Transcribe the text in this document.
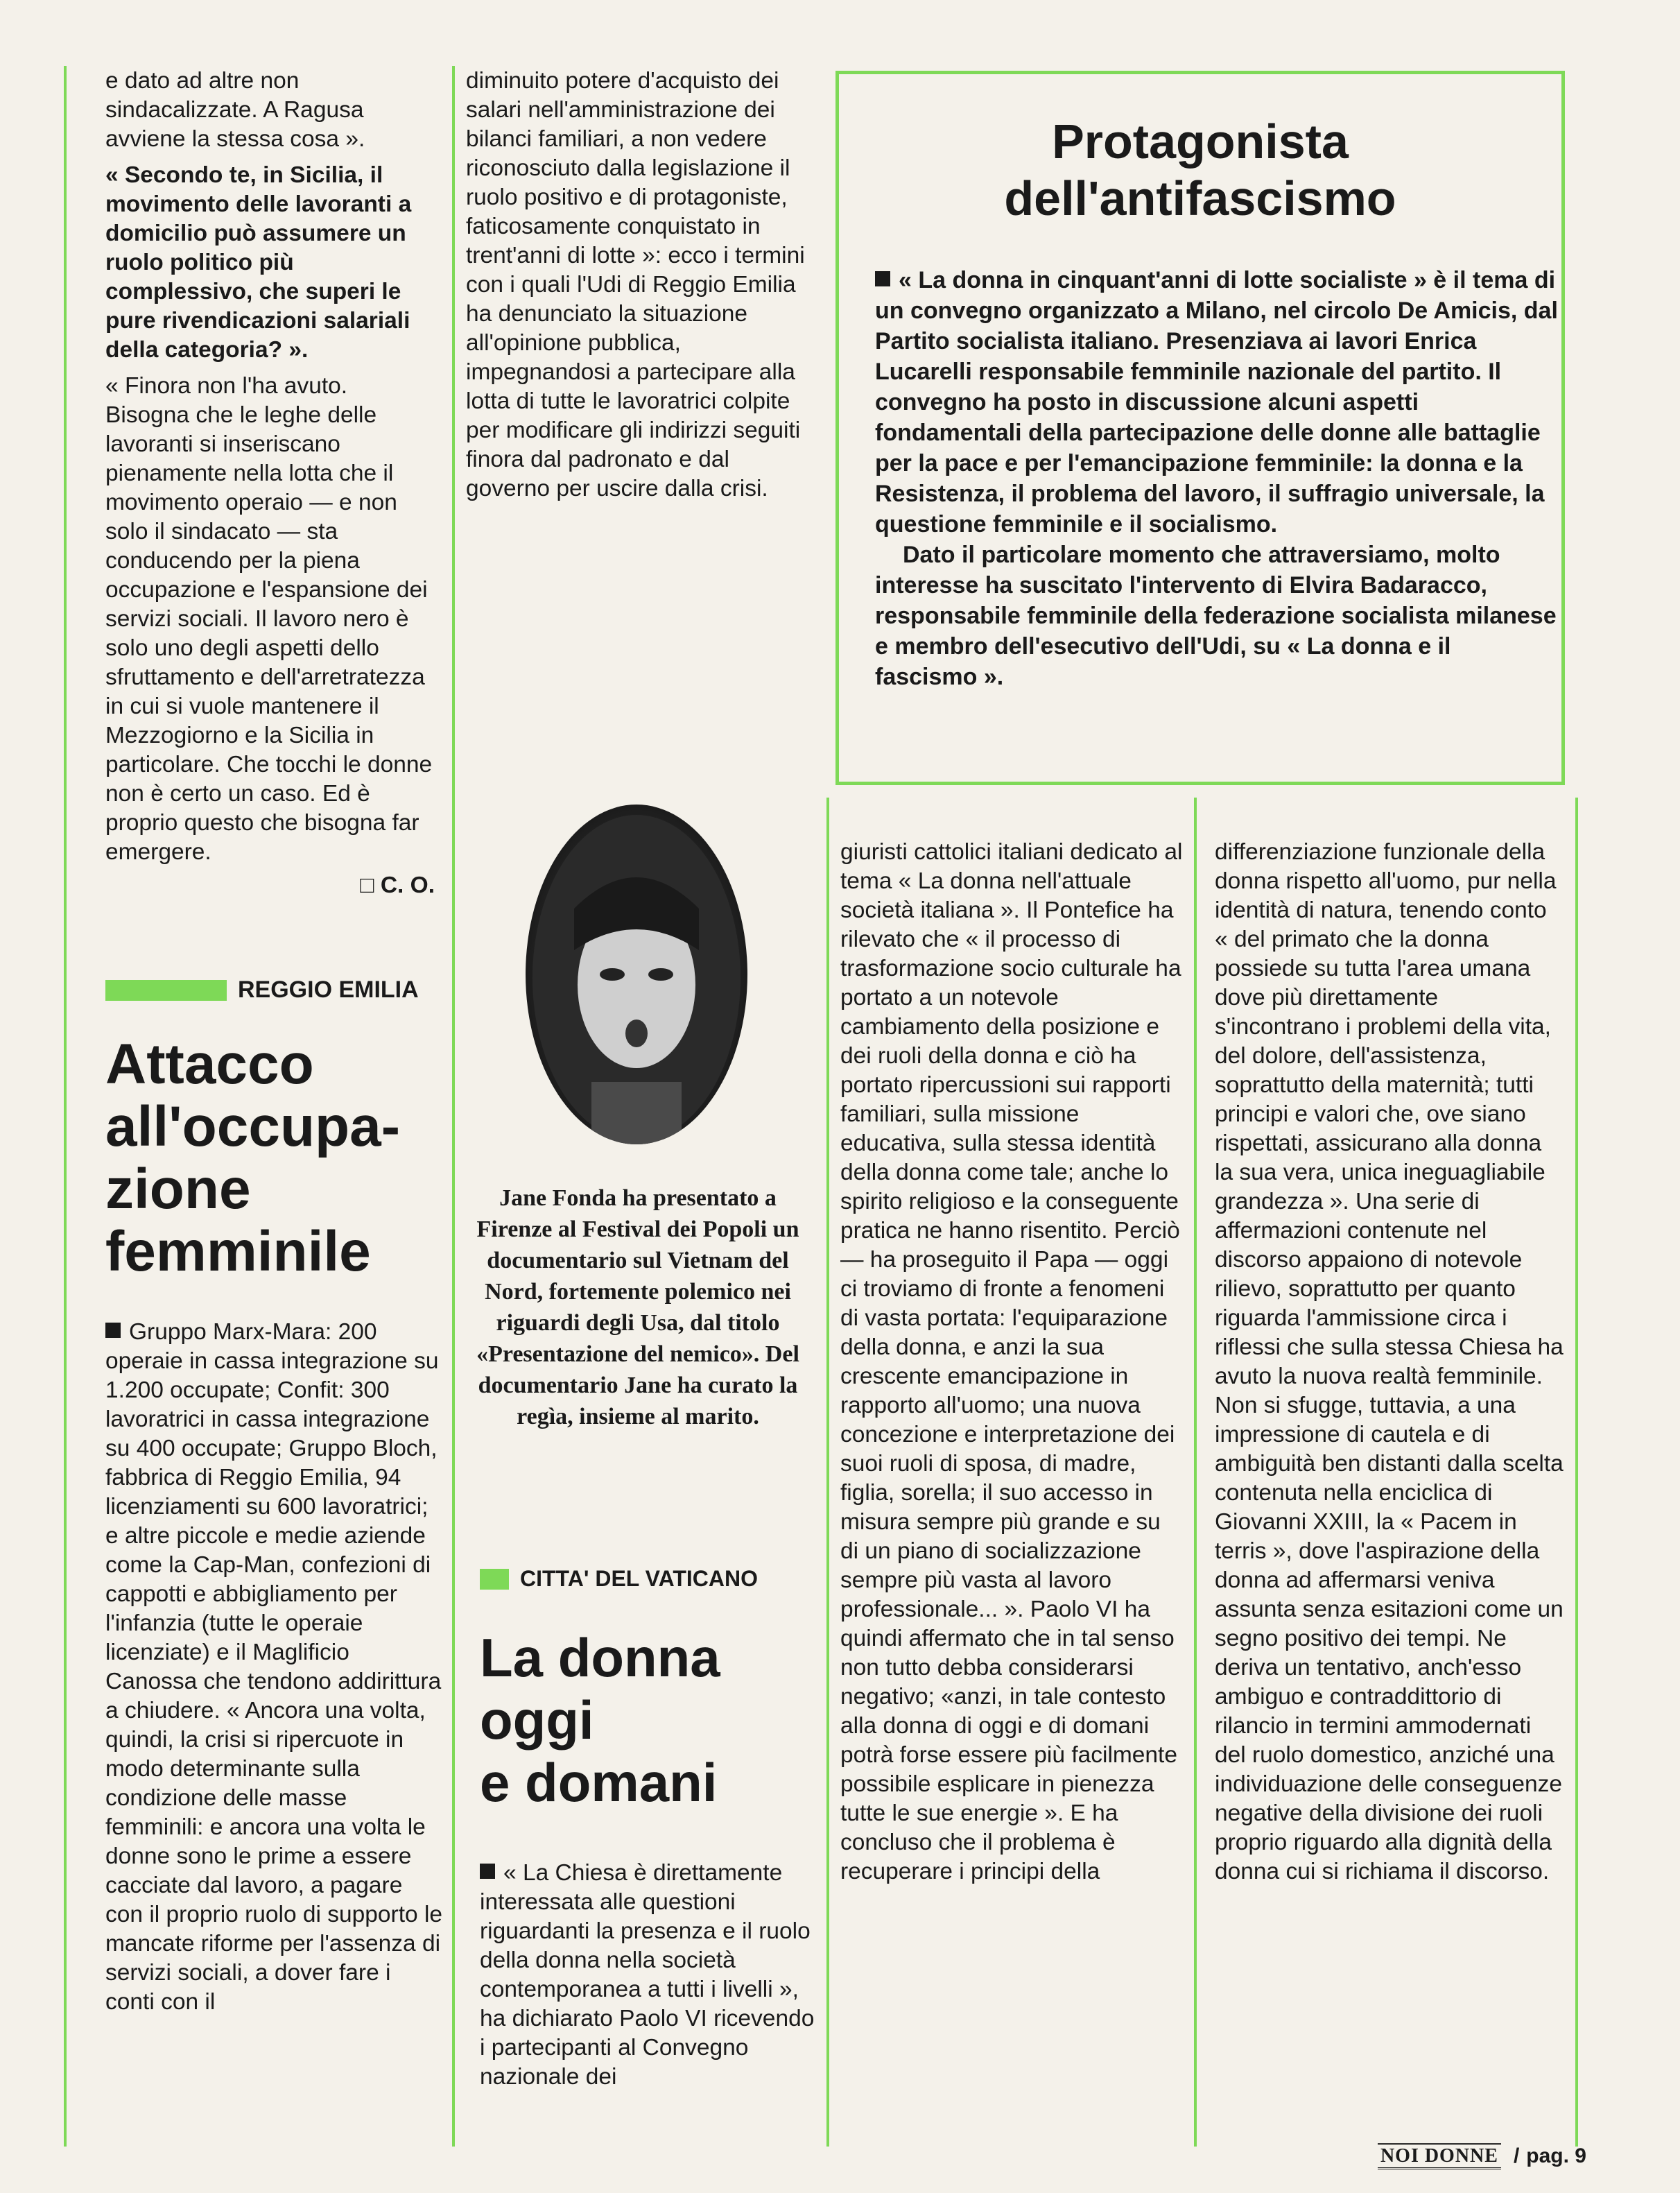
e dato ad altre non sindacalizzate. A Ragusa avviene la stessa cosa ».

« Secondo te, in Sicilia, il movimento delle lavoranti a domicilio può assumere un ruolo politico più complessivo, che superi le pure rivendicazioni salariali della categoria? ».

« Finora non l'ha avuto. Bisogna che le leghe delle lavoranti si inseriscano pienamente nella lotta che il movimento operaio — e non solo il sindacato — sta conducendo per la piena occupazione e l'espansione dei servizi sociali. Il lavoro nero è solo uno degli aspetti dello sfruttamento e dell'arretratezza in cui si vuole mantenere il Mezzogiorno e la Sicilia in particolare. Che tocchi le donne non è certo un caso. Ed è proprio questo che bisogna far emergere.

□ C. O.

REGGIO EMILIA
Attacco
all'occupa-
zione
femminile

Gruppo Marx-Mara: 200 operaie in cassa integrazione su 1.200 occupate; Confit: 300 lavoratrici in cassa integrazione su 400 occupate; Gruppo Bloch, fabbrica di Reggio Emilia, 94 licenziamenti su 600 lavoratrici; e altre piccole e medie aziende come la Cap-Man, confezioni di cappotti e abbigliamento per l'infanzia (tutte le operaie licenziate) e il Maglificio Canossa che tendono addirittura a chiudere. « Ancora una volta, quindi, la crisi si ripercuote in modo determinante sulla condizione delle masse femminili: e ancora una volta le donne sono le prime a essere cacciate dal lavoro, a pagare con il proprio ruolo di supporto le mancate riforme per l'assenza di servizi sociali, a dover fare i conti con il

diminuito potere d'acquisto dei salari nell'amministrazione dei bilanci familiari, a non vedere riconosciuto dalla legislazione il ruolo positivo e di protagoniste, faticosamente conquistato in trent'anni di lotte »: ecco i termini con i quali l'Udi di Reggio Emilia ha denunciato la situazione all'opinione pubblica, impegnandosi a partecipare alla lotta di tutte le lavoratrici colpite per modificare gli indirizzi seguiti finora dal padronato e dal governo per uscire dalla crisi.

Jane Fonda ha presentato a Firenze al Festival dei Popoli un documentario sul Vietnam del Nord, fortemente polemico nei riguardi degli Usa, dal titolo «Presentazione del nemico». Del documentario Jane ha curato la regìa, insieme al marito.
CITTA' DEL VATICANO
La donna
oggi
e domani

« La Chiesa è direttamente interessata alle questioni riguardanti la presenza e il ruolo della donna nella società contemporanea a tutti i livelli », ha dichiarato Paolo VI ricevendo i partecipanti al Convegno nazionale dei

Protagonista
dell'antifascismo

« La donna in cinquant'anni di lotte socialiste » è il tema di un convegno organizzato a Milano, nel circolo De Amicis, dal Partito socialista italiano. Presenziava ai lavori Enrica Lucarelli responsabile femminile nazionale del partito. Il convegno ha posto in discussione alcuni aspetti fondamentali della partecipazione delle donne alle battaglie per la pace e per l'emancipazione femminile: la donna e la Resistenza, il problema del lavoro, il suffragio universale, la questione femminile e il socialismo.

Dato il particolare momento che attraversiamo, molto interesse ha suscitato l'intervento di Elvira Badaracco, responsabile femminile della federazione socialista milanese e membro dell'esecutivo dell'Udi, su « La donna e il fascismo ».

giuristi cattolici italiani dedicato al tema « La donna nell'attuale società italiana ». Il Pontefice ha rilevato che « il processo di trasformazione socio culturale ha portato a un notevole cambiamento della posizione e dei ruoli della donna e ciò ha portato ripercussioni sui rapporti familiari, sulla missione educativa, sulla stessa identità della donna come tale; anche lo spirito religioso e la conseguente pratica ne hanno risentito. Perciò — ha proseguito il Papa — oggi ci troviamo di fronte a fenomeni di vasta portata: l'equiparazione della donna, e anzi la sua crescente emancipazione in rapporto all'uomo; una nuova concezione e interpretazione dei suoi ruoli di sposa, di madre, figlia, sorella; il suo accesso in misura sempre più grande e su di un piano di socializzazione sempre più vasta al lavoro professionale... ». Paolo VI ha quindi affermato che in tal senso non tutto debba considerarsi negativo; «anzi, in tale contesto alla donna di oggi e di domani potrà forse essere più facilmente possibile esplicare in pienezza tutte le sue energie ». E ha concluso che il problema è recuperare i principi della

differenziazione funzionale della donna rispetto all'uomo, pur nella identità di natura, tenendo conto « del primato che la donna possiede su tutta l'area umana dove più direttamente s'incontrano i problemi della vita, del dolore, dell'assistenza, soprattutto della maternità; tutti principi e valori che, ove siano rispettati, assicurano alla donna la sua vera, unica ineguagliabile grandezza ». Una serie di affermazioni contenute nel discorso appaiono di notevole rilievo, soprattutto per quanto riguarda l'ammissione circa i riflessi che sulla stessa Chiesa ha avuto la nuova realtà femminile. Non si sfugge, tuttavia, a una impressione di cautela e di ambiguità ben distanti dalla scelta contenuta nella enciclica di Giovanni XXIII, la « Pacem in terris », dove l'aspirazione della donna ad affermarsi veniva assunta senza esitazioni come un segno positivo dei tempi. Ne deriva un tentativo, anch'esso ambiguo e contraddittorio di rilancio in termini ammodernati del ruolo domestico, anziché una individuazione delle conseguenze negative della divisione dei ruoli proprio riguardo alla dignità della donna cui si richiama il discorso.

NOI DONNE / pag. 9
